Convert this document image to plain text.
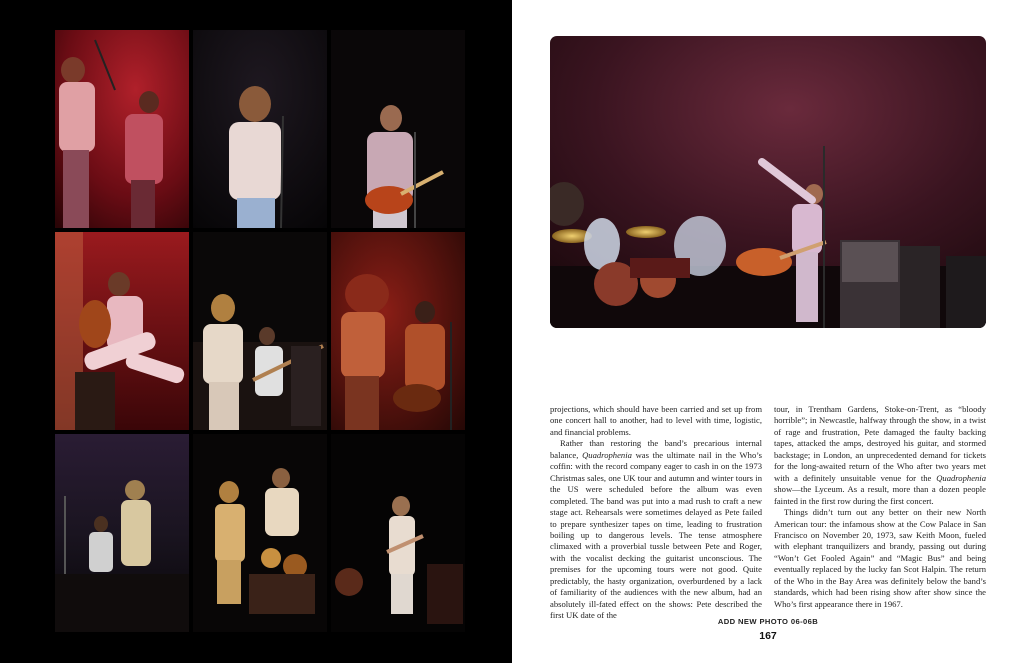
projections, which should have been carried and set up from one concert hall to another, had to level with time, logistic, and financial problems.

Rather than restoring the band’s precarious internal balance, Quadrophenia was the ultimate nail in the Who’s coffin: with the record company eager to cash in on the 1973 Christmas sales, one UK tour and autumn and winter tours in the US were scheduled before the album was even completed. The band was put into a mad rush to craft a new stage act. Rehearsals were sometimes delayed as Pete failed to prepare synthesizer tapes on time, leading to frustration boiling up to dangerous levels. The tense atmosphere climaxed with a proverbial tussle between Pete and Roger, with the vocalist decking the guitarist unconscious. The premises for the upcoming tours were not good. Quite predictably, the hasty organization, overburdened by a lack of familiarity of the audiences with the new album, had an absolutely ill-fated effect on the shows: Pete described the first UK date of the

tour, in Trentham Gardens, Stoke-on-Trent, as “bloody horrible”; in Newcastle, halfway through the show, in a twist of rage and frustration, Pete damaged the faulty backing tapes, attacked the amps, destroyed his guitar, and stormed backstage; in London, an unprecedented demand for tickets for the long-awaited return of the Who after two years met with a definitely unsuitable venue for the Quadrophenia show—the Lyceum. As a result, more than a dozen people fainted in the first row during the first concert.

Things didn’t turn out any better on their new North American tour: the infamous show at the Cow Palace in San Francisco on November 20, 1973, saw Keith Moon, fueled with elephant tranquilizers and brandy, passing out during “Won’t Get Fooled Again” and “Magic Bus” and being eventually replaced by the lucky fan Scot Halpin. The return of the Who in the Bay Area was definitely below the band’s standards, which had been rising show after show since the Who’s first appearance there in 1967.

ADD NEW PHOTO 06-06B
167
